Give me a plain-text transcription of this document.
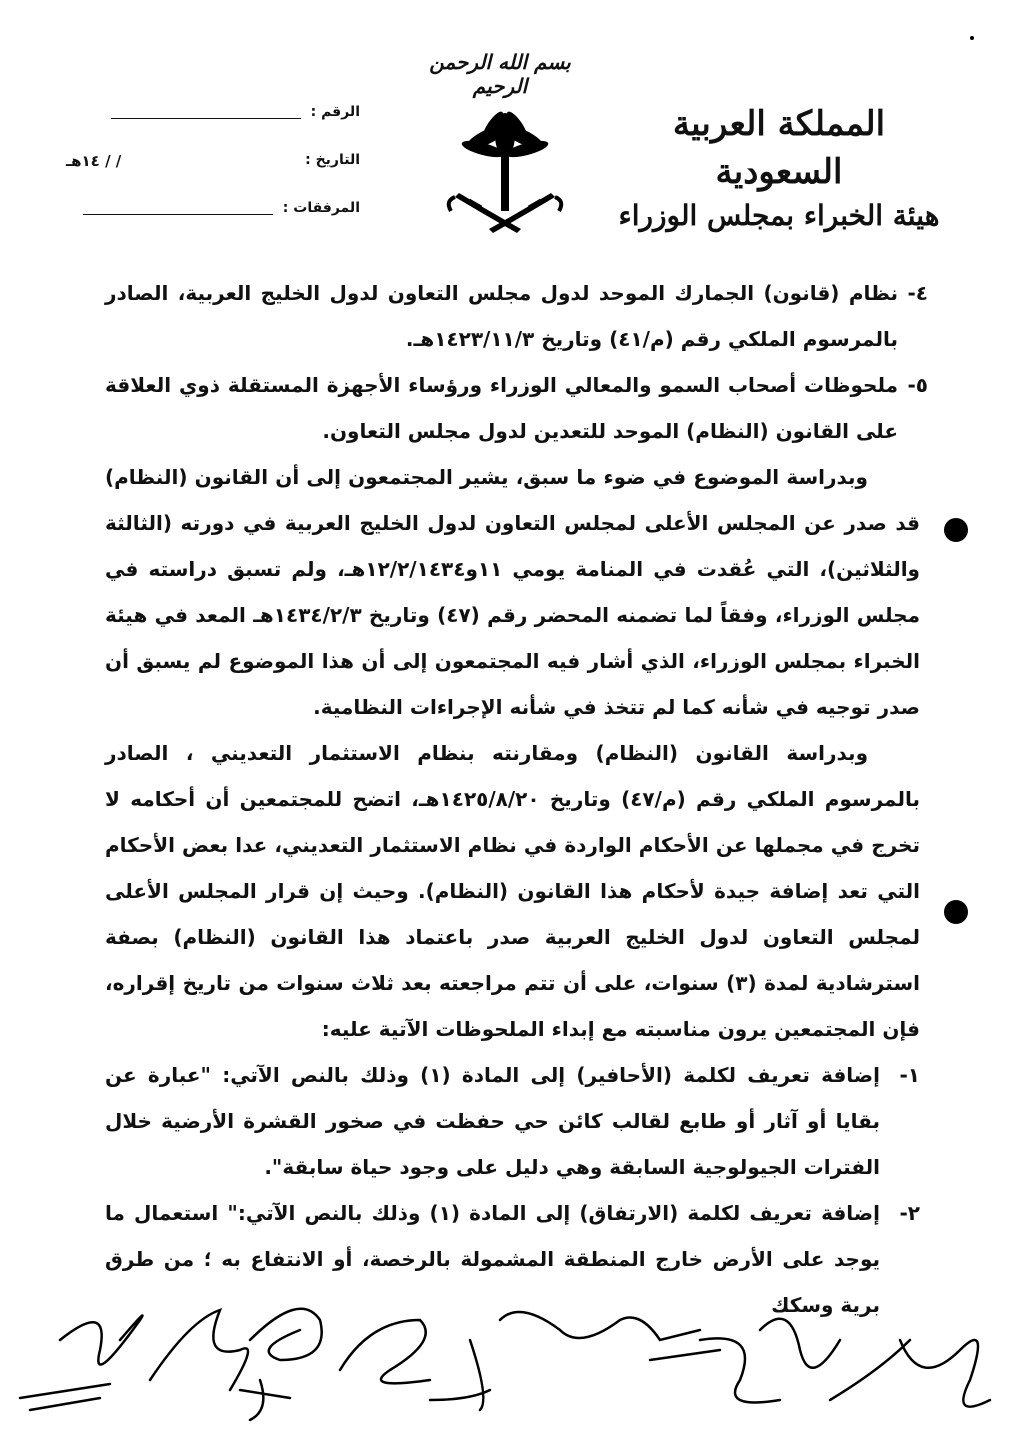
بسم الله الرحمن الرحيم
المملكة العربية السعودية
هيئة الخبراء بمجلس الوزراء
الرقم :
التاريخ :
/ / ١٤هـ
المرفقات :

٤-
نظام (قانون) الجمارك الموحد لدول مجلس التعاون لدول الخليج العربية، الصادر بالمرسوم الملكي رقم (م/٤١) وتاريخ ١٤٢٣/١١/٣هـ.

٥-
ملحوظات أصحاب السمو والمعالي الوزراء ورؤساء الأجهزة المستقلة ذوي العلاقة على القانون (النظام) الموحد للتعدين لدول مجلس التعاون.

وبدراسة الموضوع في ضوء ما سبق، يشير المجتمعون إلى أن القانون (النظام) قد صدر عن المجلس الأعلى لمجلس التعاون لدول الخليج العربية في دورته (الثالثة والثلاثين)، التي عُقدت في المنامة يومي ١١و١٢/٢/١٤٣٤هـ، ولم تسبق دراسته في مجلس الوزراء، وفقاً لما تضمنه المحضر رقم (٤٧) وتاريخ ١٤٣٤/٢/٣هـ المعد في هيئة الخبراء بمجلس الوزراء، الذي أشار فيه المجتمعون إلى أن هذا الموضوع لم يسبق أن صدر توجيه في شأنه كما لم تتخذ في شأنه الإجراءات النظامية.

وبدراسة القانون (النظام) ومقارنته بنظام الاستثمار التعديني ، الصادر بالمرسوم الملكي رقم (م/٤٧) وتاريخ ١٤٢٥/٨/٢٠هـ، اتضح للمجتمعين أن أحكامه لا تخرج في مجملها عن الأحكام الواردة في نظام الاستثمار التعديني، عدا بعض الأحكام التي تعد إضافة جيدة لأحكام هذا القانون (النظام). وحيث إن قرار المجلس الأعلى لمجلس التعاون لدول الخليج العربية صدر باعتماد هذا القانون (النظام) بصفة استرشادية لمدة (٣) سنوات، على أن تتم مراجعته بعد ثلاث سنوات من تاريخ إقراره، فإن المجتمعين يرون مناسبته مع إبداء الملحوظات الآتية عليه:

١-
إضافة تعريف لكلمة (الأحافير) إلى المادة (١) وذلك بالنص الآتي: "عبارة عن بقايا أو آثار أو طابع لقالب كائن حي حفظت في صخور القشرة الأرضية خلال الفترات الجيولوجية السابقة وهي دليل على وجود حياة سابقة".

٢-
إضافة تعريف لكلمة (الارتفاق) إلى المادة (١) وذلك بالنص الآتي:" استعمال ما يوجد على الأرض خارج المنطقة المشمولة بالرخصة، أو الانتفاع به ؛ من طرق برية وسكك
